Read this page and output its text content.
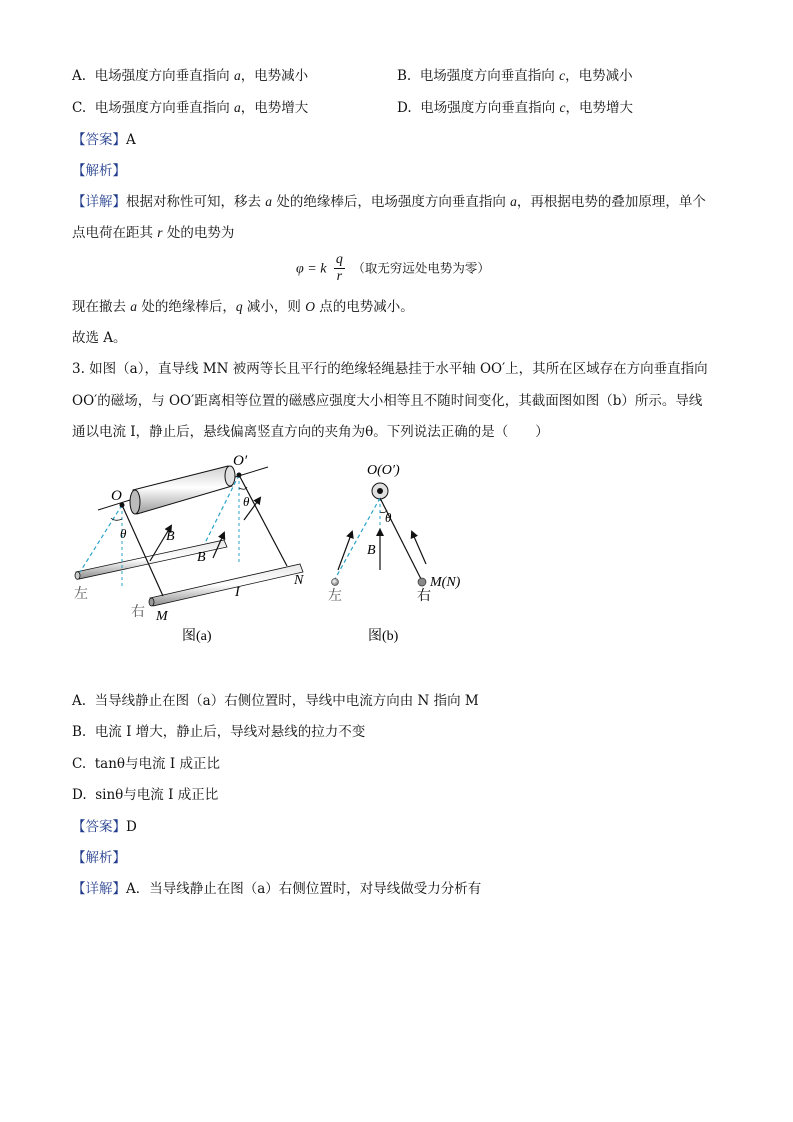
A. 电场强度方向垂直指向 a，电势减小	B. 电场强度方向垂直指向 c，电势减小
C. 电场强度方向垂直指向 a，电势增大	D. 电场强度方向垂直指向 c，电势增大
【答案】A
【解析】
【详解】根据对称性可知，移去 a 处的绝缘棒后，电场强度方向垂直指向 a，再根据电势的叠加原理，单个
点电荷在距其 r 处的电势为
φ = k $\frac{q}{r}$ （取无穷远处电势为零）
现在撤去 a 处的绝缘棒后，q 减小，则 O 点的电势减小。
故选 A。
3. 如图（a），直导线 MN 被两等长且平行的绝缘轻绳悬挂于水平轴 OO′上，其所在区域存在方向垂直指向
OO′的磁场，与 OO′距离相等位置的磁感应强度大小相等且不随时间变化，其截面图如图（b）所示。导线
通以电流 I，静止后，悬线偏离竖直方向的夹角为θ。下列说法正确的是（　　）
O
O′
θ
θ
B
B
I
N
M
左
右
图(a)
O(O′)
θ
B
左	右
M(N)
图(b)
A. 当导线静止在图（a）右侧位置时，导线中电流方向由 N 指向 M
B. 电流 I 增大，静止后，导线对悬线的拉力不变
C. tanθ与电流 I 成正比
D. sinθ与电流 I 成正比
【答案】D
【解析】
【详解】A．当导线静止在图（a）右侧位置时，对导线做受力分析有
